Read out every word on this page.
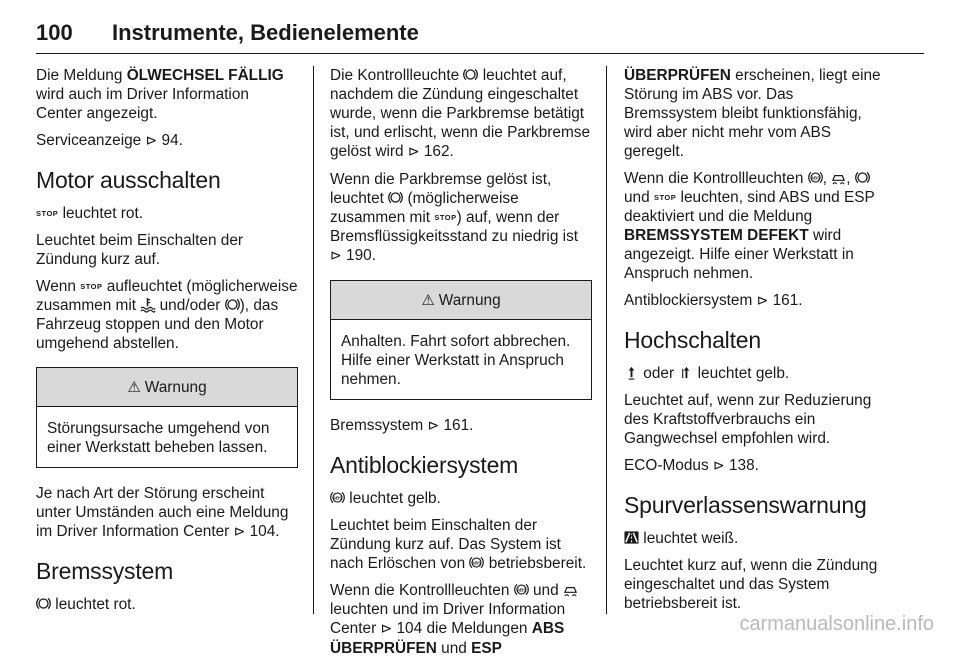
100 Instrumente, Bedienelemente

Die Meldung ÖLWECHSEL FÄLLIG wird auch im Driver Information Center angezeigt.

Serviceanzeige ⊳ 94.

Motor ausschalten

STOP leuchtet rot.

Leuchtet beim Einschalten der Zündung kurz auf.

Wenn STOP aufleuchtet (möglicherweise zusammen mit
und/oder
), das Fahrzeug stoppen und den Motor umgehend abstellen.

⚠ Warnung
Störungsursache umgehend von einer Werkstatt beheben lassen.

Je nach Art der Störung erscheint unter Umständen auch eine Meldung im Driver Information Center ⊳ 104.

Bremssystem

leuchtet rot.

Die Kontrollleuchte
leuchtet auf, nachdem die Zündung eingeschaltet wurde, wenn die Parkbremse betätigt ist, und erlischt, wenn die Parkbremse gelöst wird ⊳ 162.

Wenn die Parkbremse gelöst ist, leuchtet
(möglicherweise zusammen mit STOP) auf, wenn der Bremsflüssigkeitsstand zu niedrig ist ⊳ 190.

⚠ Warnung
Anhalten. Fahrt sofort abbrechen. Hilfe einer Werkstatt in Anspruch nehmen.

Bremssystem ⊳ 161.

Antiblockiersystem

ABS leuchtet gelb.

Leuchtet beim Einschalten der Zündung kurz auf. Das System ist nach Erlöschen von ABS betriebsbereit.

Wenn die Kontrollleuchten ABS und
leuchten und im Driver Information Center ⊳ 104 die Meldungen ABS ÜBERPRÜFEN und ESP

ÜBERPRÜFEN erscheinen, liegt eine Störung im ABS vor. Das Bremssystem bleibt funktionsfähig, wird aber nicht mehr vom ABS geregelt.

Wenn die Kontrollleuchten ABS ,
,
und STOP leuchten, sind ABS und ESP deaktiviert und die Meldung BREMSSYSTEM DEFEKT wird angezeigt. Hilfe einer Werkstatt in Anspruch nehmen.

Antiblockiersystem ⊳ 161.

Hochschalten

oder
leuchtet gelb.

Leuchtet auf, wenn zur Reduzierung des Kraftstoffverbrauchs ein Gangwechsel empfohlen wird.

ECO-Modus ⊳ 138.

Spurverlassenswarnung

leuchtet weiß.

Leuchtet kurz auf, wenn die Zündung eingeschaltet und das System betriebsbereit ist.

carmanualsonline.info
